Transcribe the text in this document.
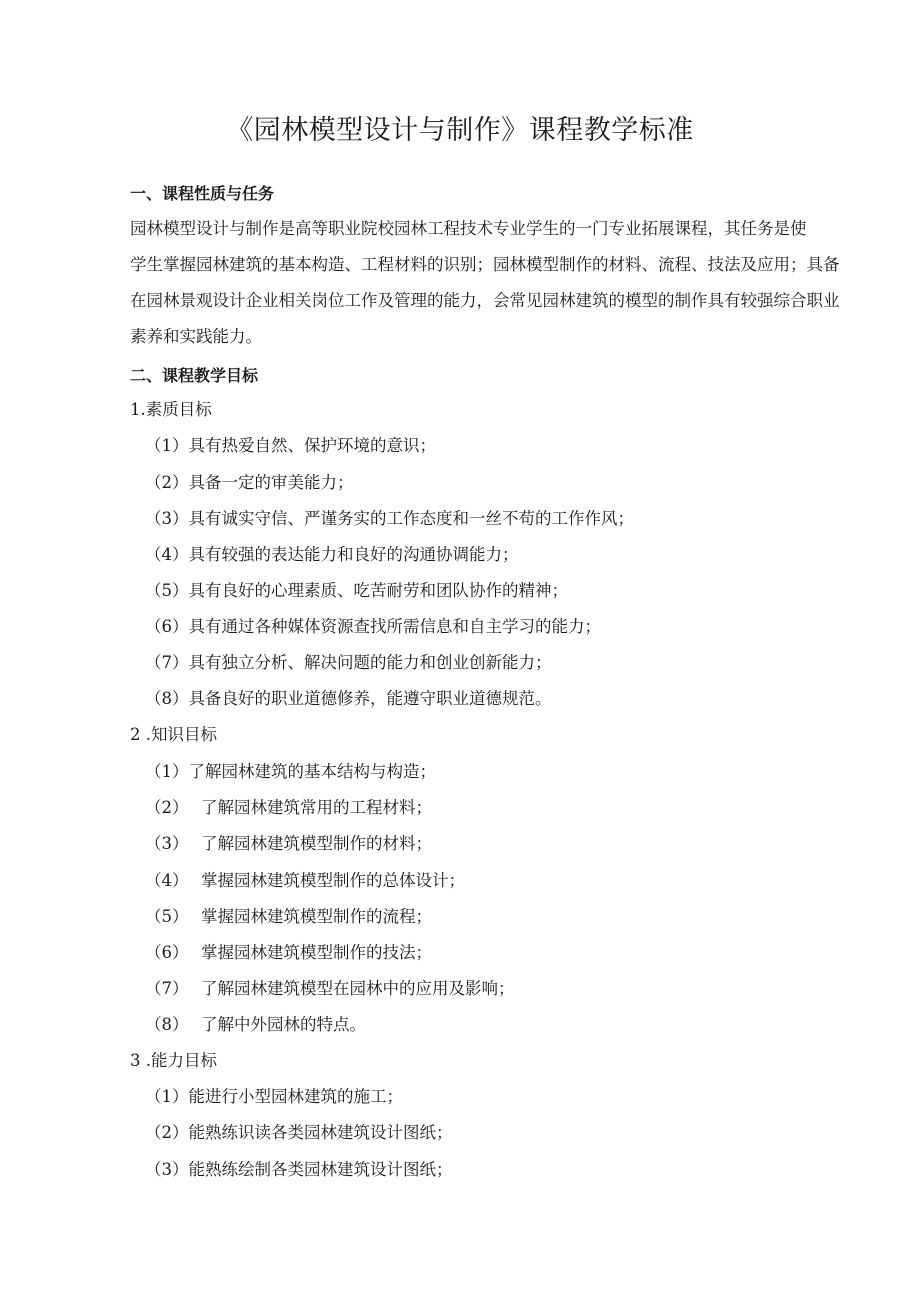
《园林模型设计与制作》课程教学标准
一、课程性质与任务
园林模型设计与制作是高等职业院校园林工程技术专业学生的一门专业拓展课程，其任务是使
学生掌握园林建筑的基本构造、工程材料的识别；园林模型制作的材料、流程、技法及应用；具备
在园林景观设计企业相关岗位工作及管理的能力，会常见园林建筑的模型的制作具有较强综合职业
素养和实践能力。
二、课程教学目标
1.素质目标
（1）具有热爱自然、保护环境的意识；
（2）具备一定的审美能力；
（3）具有诚实守信、严谨务实的工作态度和一丝不苟的工作作风；
（4）具有较强的表达能力和良好的沟通协调能力；
（5）具有良好的心理素质、吃苦耐劳和团队协作的精神；
（6）具有通过各种媒体资源查找所需信息和自主学习的能力；
（7）具有独立分析、解决问题的能力和创业创新能力；
（8）具备良好的职业道德修养，能遵守职业道德规范。
2 .知识目标
（1）了解园林建筑的基本结构与构造；
（2） 了解园林建筑常用的工程材料；
（3） 了解园林建筑模型制作的材料；
（4） 掌握园林建筑模型制作的总体设计；
（5） 掌握园林建筑模型制作的流程；
（6） 掌握园林建筑模型制作的技法；
（7） 了解园林建筑模型在园林中的应用及影响；
（8） 了解中外园林的特点。
3 .能力目标
（1）能进行小型园林建筑的施工；
（2）能熟练识读各类园林建筑设计图纸；
（3）能熟练绘制各类园林建筑设计图纸；
